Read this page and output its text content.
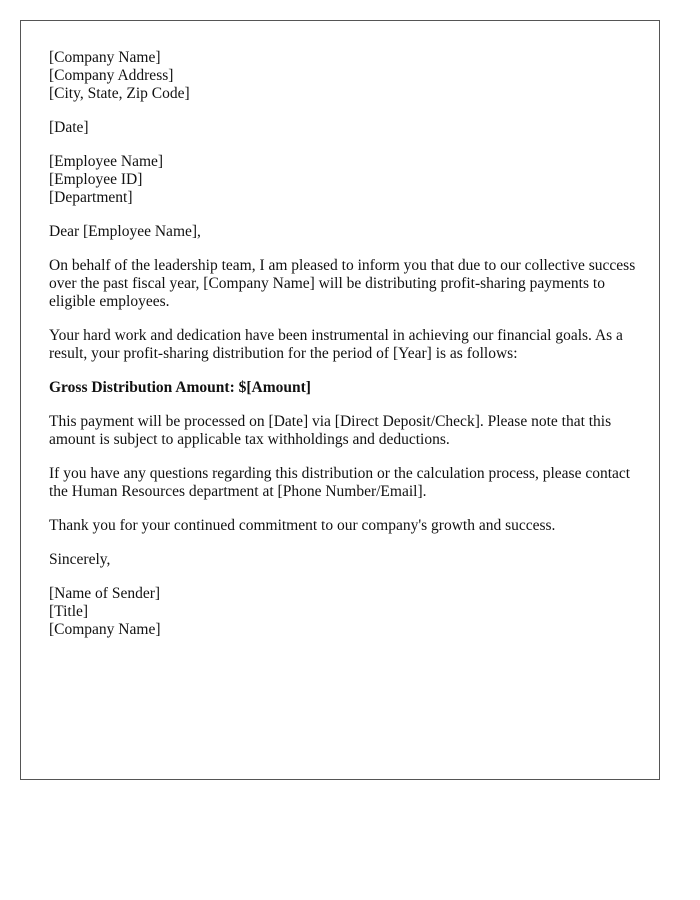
[Company Name]
[Company Address]
[City, State, Zip Code]
[Date]
[Employee Name]
[Employee ID]
[Department]

Dear [Employee Name],

On behalf of the leadership team, I am pleased to inform you that due to our collective success over the past fiscal year, [Company Name] will be distributing profit-sharing payments to eligible employees.

Your hard work and dedication have been instrumental in achieving our financial goals. As a result, your profit-sharing distribution for the period of [Year] is as follows:

Gross Distribution Amount: $[Amount]

This payment will be processed on [Date] via [Direct Deposit/Check]. Please note that this amount is subject to applicable tax withholdings and deductions.

If you have any questions regarding this distribution or the calculation process, please contact the Human Resources department at [Phone Number/Email].

Thank you for your continued commitment to our company's growth and success.

Sincerely,

[Name of Sender]
[Title]
[Company Name]
